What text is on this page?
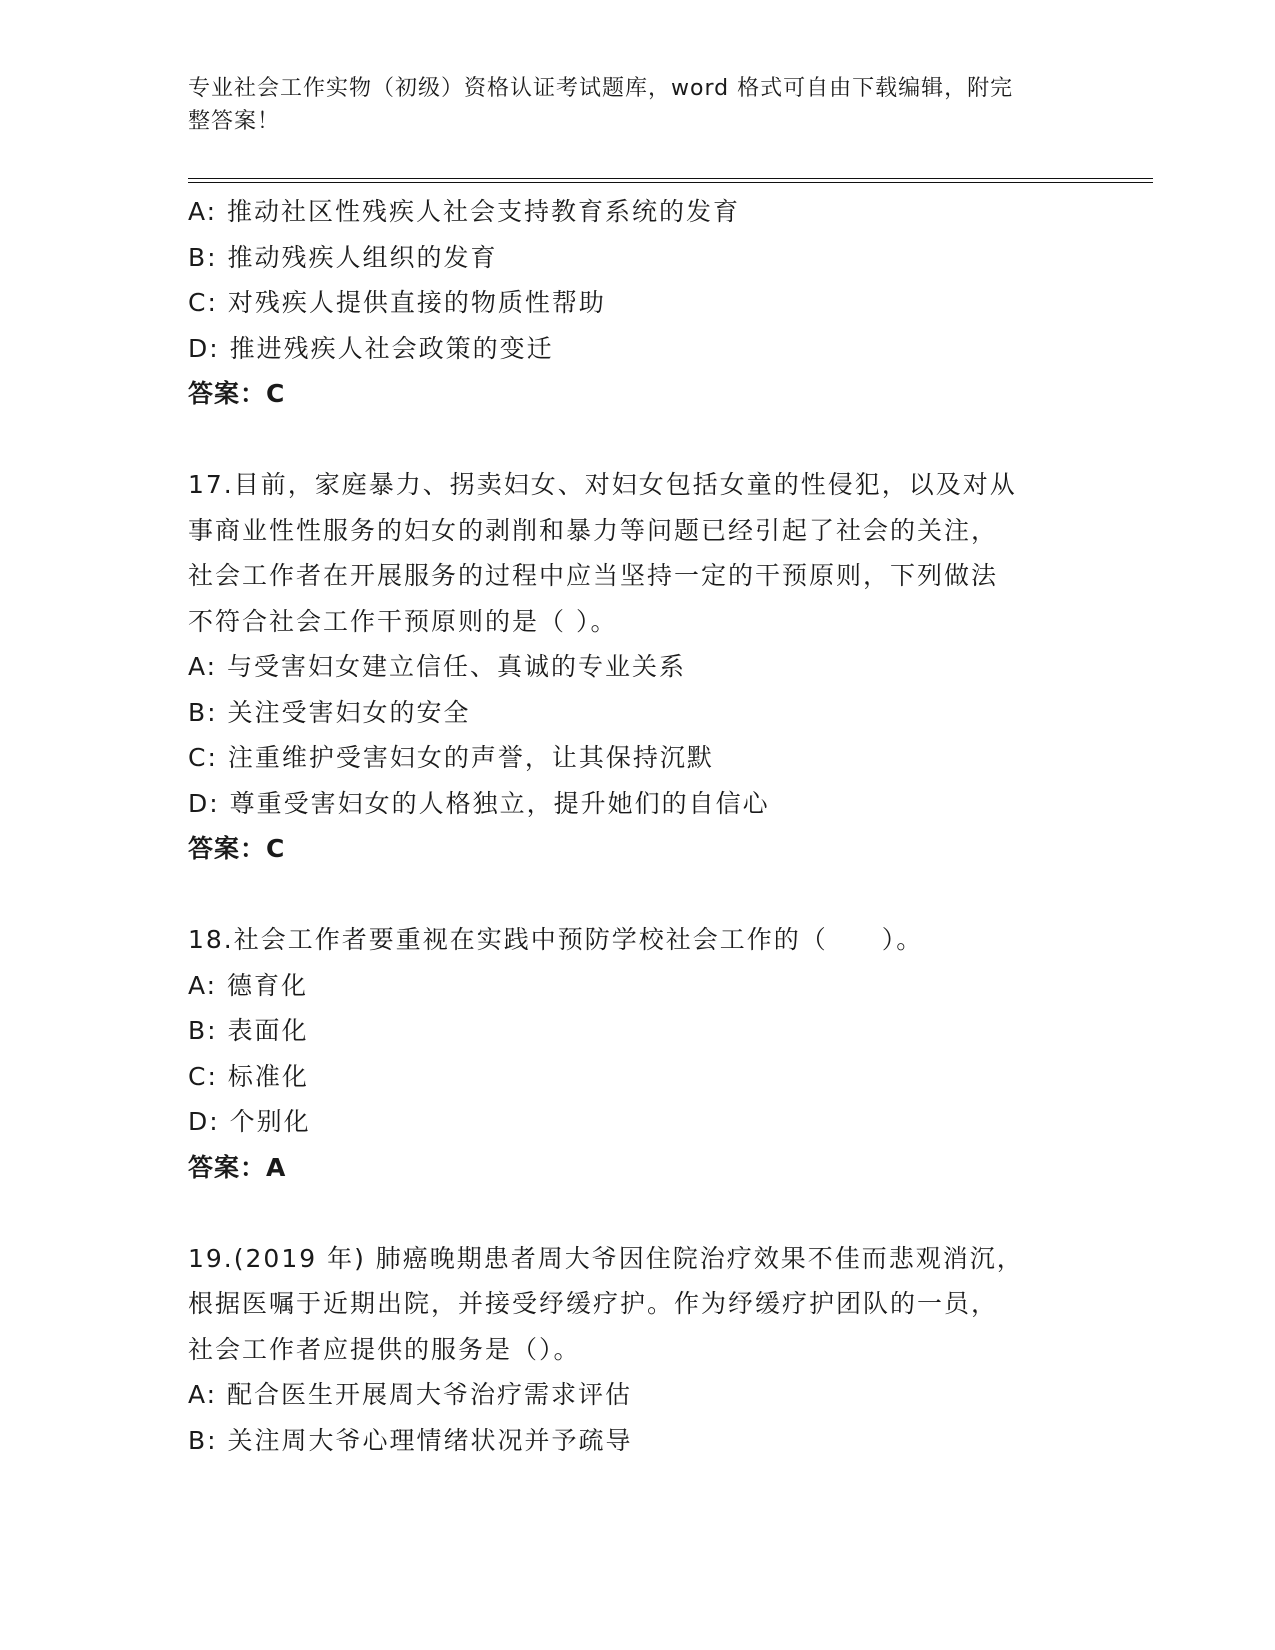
专业社会工作实物（初级）资格认证考试题库，word 格式可自由下载编辑，附完
整答案！
A: 推动社区性残疾人社会支持教育系统的发育
B: 推动残疾人组织的发育
C: 对残疾人提供直接的物质性帮助
D: 推进残疾人社会政策的变迁
答案：C
17.目前，家庭暴力、拐卖妇女、对妇女包括女童的性侵犯，以及对从
事商业性性服务的妇女的剥削和暴力等问题已经引起了社会的关注，
社会工作者在开展服务的过程中应当坚持一定的干预原则，下列做法
不符合社会工作干预原则的是（ ）。
A: 与受害妇女建立信任、真诚的专业关系
B: 关注受害妇女的安全
C: 注重维护受害妇女的声誉，让其保持沉默
D: 尊重受害妇女的人格独立，提升她们的自信心
答案：C
18.社会工作者要重视在实践中预防学校社会工作的（　　）。
A: 德育化
B: 表面化
C: 标准化
D: 个别化
答案：A
19.(2019 年) 肺癌晚期患者周大爷因住院治疗效果不佳而悲观消沉，
根据医嘱于近期出院，并接受纾缓疗护。作为纾缓疗护团队的一员，
社会工作者应提供的服务是（）。
A: 配合医生开展周大爷治疗需求评估
B: 关注周大爷心理情绪状况并予疏导
